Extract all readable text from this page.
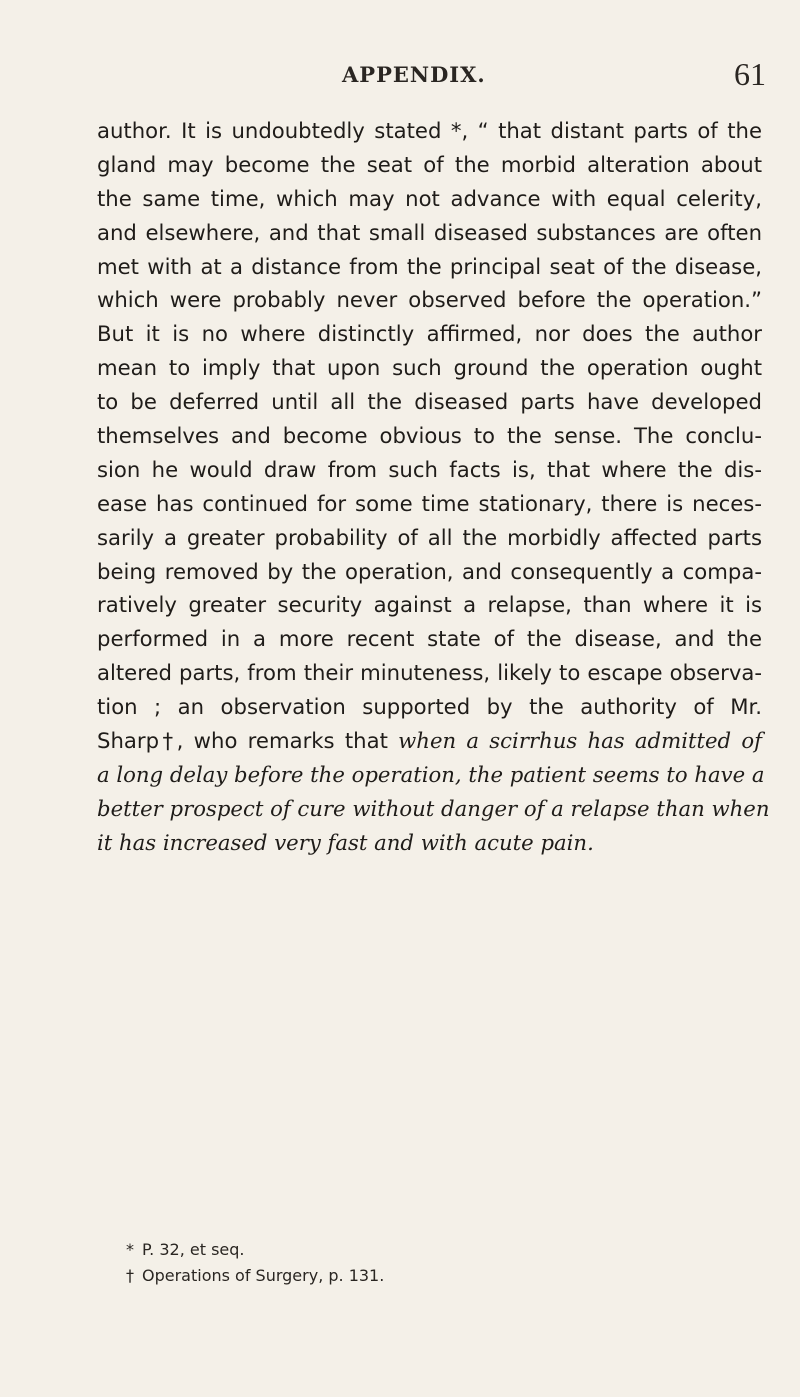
APPENDIX.	61
author. It is undoubtedly stated *, “ that distant parts of the
gland may become the seat of the morbid alteration about
the same time, which may not advance with equal celerity,
and elsewhere, and that small diseased substances are often
met with at a distance from the principal seat of the disease,
which were probably never observed before the operation.”
But it is no where distinctly affirmed, nor does the author
mean to imply that upon such ground the operation ought
to be deferred until all the diseased parts have developed
themselves and become obvious to the sense. The conclu-
sion he would draw from such facts is, that where the dis-
ease has continued for some time stationary, there is neces-
sarily a greater probability of all the morbidly affected parts
being removed by the operation, and consequently a compa-
ratively greater security against a relapse, than where it is
performed in a more recent state of the disease, and the
altered parts, from their minuteness, likely to escape observa-
tion ; an observation supported by the authority of Mr.
Sharp†, who remarks that when a scirrhus has admitted of
a long delay before the operation, the patient seems to have a
better prospect of cure without danger of a relapse than when
it has increased very fast and with acute pain.
* P. 32, et seq.
† Operations of Surgery, p. 131.
